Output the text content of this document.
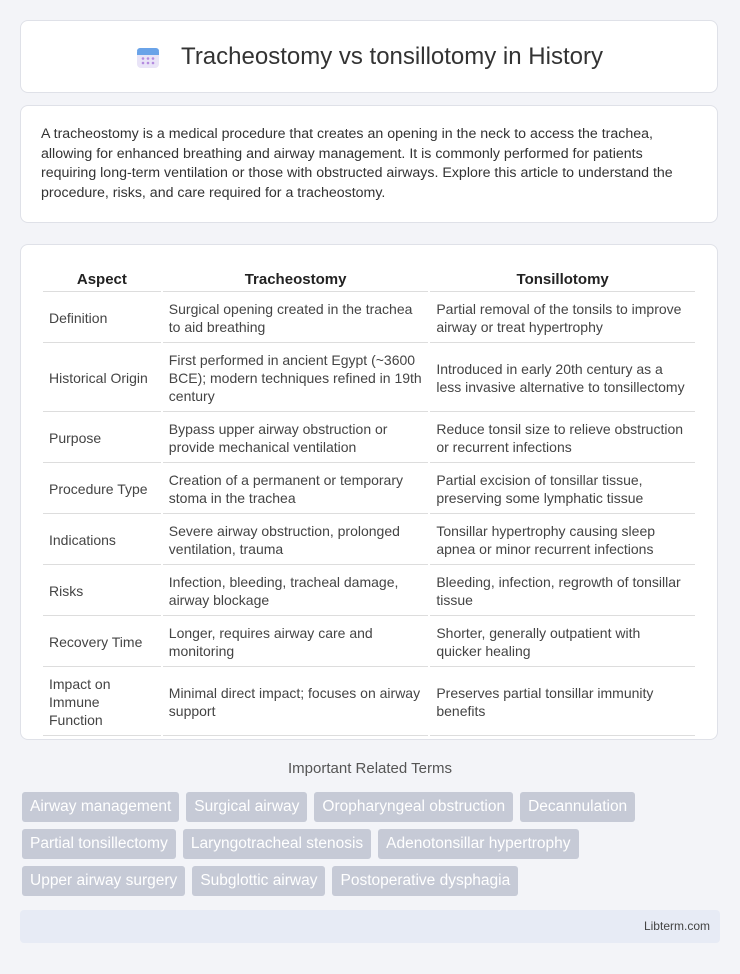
Tracheostomy vs tonsillotomy in History

A tracheostomy is a medical procedure that creates an opening in the neck to access the trachea, allowing for enhanced breathing and airway management. It is commonly performed for patients requiring long-term ventilation or those with obstructed airways. Explore this article to understand the procedure, risks, and care required for a tracheostomy.

Aspect	Tracheostomy	Tonsillotomy
Definition	Surgical opening created in the trachea to aid breathing	Partial removal of the tonsils to improve airway or treat hypertrophy
Historical Origin	First performed in ancient Egypt (~3600 BCE); modern techniques refined in 19th century	Introduced in early 20th century as a less invasive alternative to tonsillectomy
Purpose	Bypass upper airway obstruction or provide mechanical ventilation	Reduce tonsil size to relieve obstruction or recurrent infections
Procedure Type	Creation of a permanent or temporary stoma in the trachea	Partial excision of tonsillar tissue, preserving some lymphatic tissue
Indications	Severe airway obstruction, prolonged ventilation, trauma	Tonsillar hypertrophy causing sleep apnea or minor recurrent infections
Risks	Infection, bleeding, tracheal damage, airway blockage	Bleeding, infection, regrowth of tonsillar tissue
Recovery Time	Longer, requires airway care and monitoring	Shorter, generally outpatient with quicker healing
Impact on Immune Function	Minimal direct impact; focuses on airway support	Preserves partial tonsillar immunity benefits
Important Related Terms
Airway management	Surgical airway	Oropharyngeal obstruction	Decannulation
Partial tonsillectomy	Laryngotracheal stenosis	Adenotonsillar hypertrophy
Upper airway surgery	Subglottic airway	Postoperative dysphagia
Libterm.com
